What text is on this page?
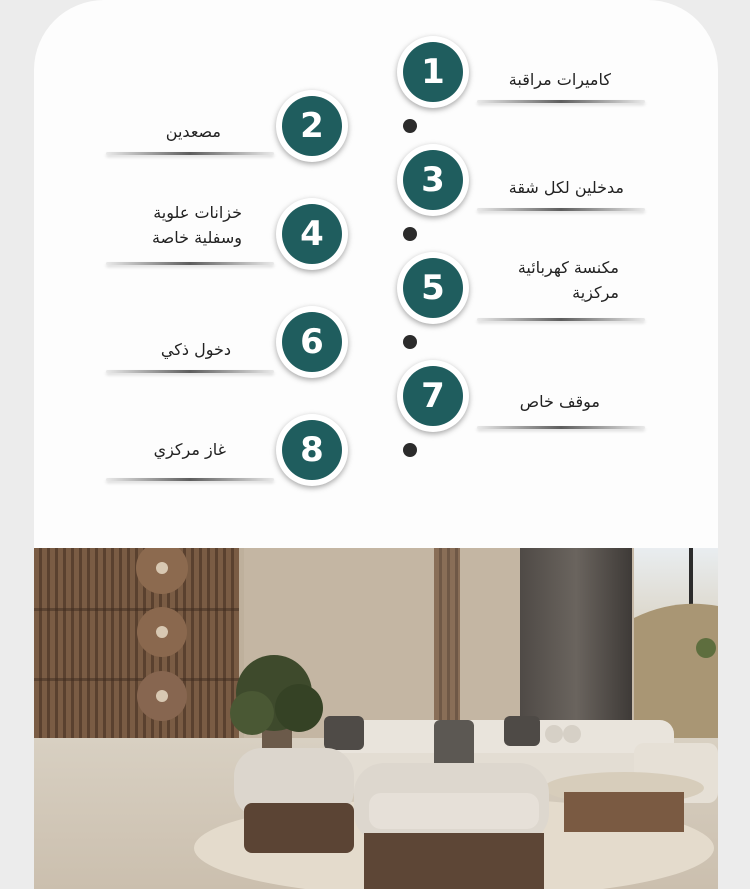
1	كاميرات مراقبة
2
مصعدين
3	مدخلين لكل شقة
4
خزانات علوية
وسفلية خاصة
5
مكنسة كهربائية
مركزية
6
دخول ذكي
7	موقف خاص
8
غاز مركزي
